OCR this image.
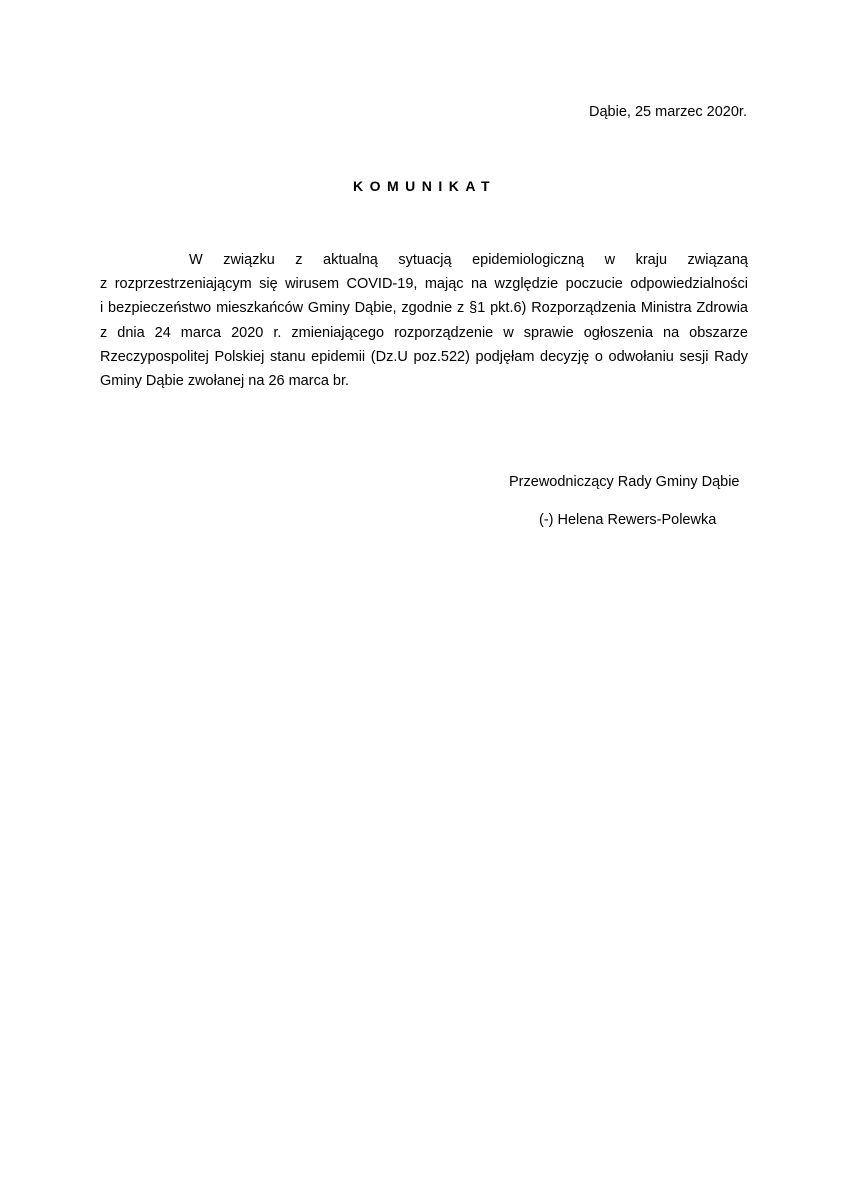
Dąbie, 25 marzec 2020r.
KOMUNIKAT
W związku z aktualną sytuacją epidemiologiczną w kraju związaną
z rozprzestrzeniającym się wirusem COVID-19, mając na względzie poczucie odpowiedzialności
i bezpieczeństwo mieszkańców Gminy Dąbie, zgodnie z §1 pkt.6) Rozporządzenia Ministra Zdrowia
z dnia 24 marca 2020 r. zmieniającego rozporządzenie w sprawie ogłoszenia na obszarze
Rzeczypospolitej Polskiej stanu epidemii (Dz.U poz.522) podjęłam decyzję o odwołaniu sesji Rady
Gminy Dąbie zwołanej na 26 marca br.
Przewodniczący Rady Gminy Dąbie
(-) Helena Rewers-Polewka
